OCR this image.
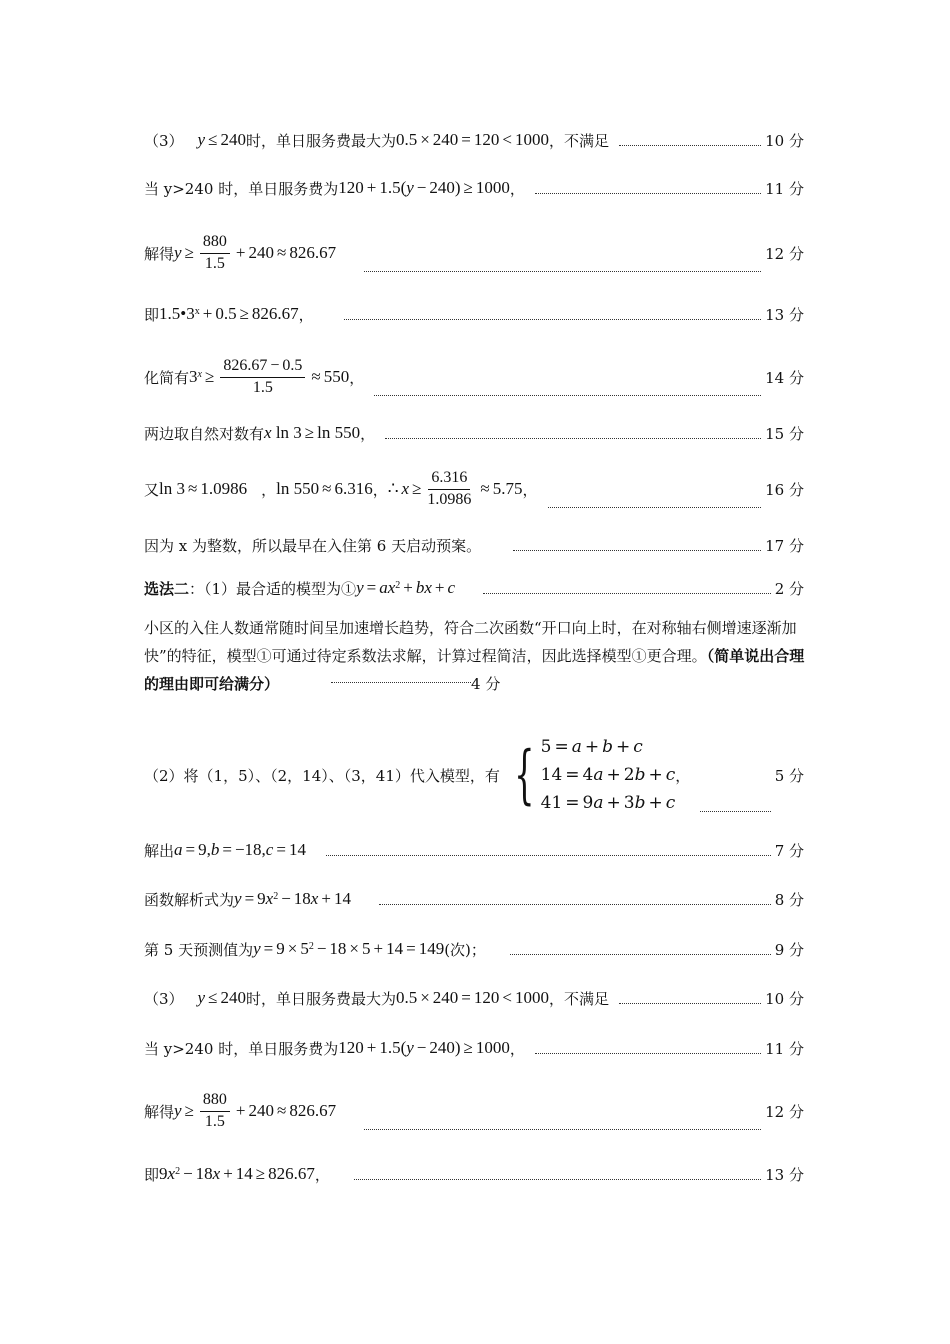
（3） y ≤ 240 时，单日服务费最大为 0.5 × 240 = 120 < 1000 ，不满足	10 分
当 y>240 时，单日服务费为 120 + 1.5( y − 240) ≥ 1000 ，	11 分
解得 $y \ge \frac{880}{1.5} + 240 \approx 826.67$	12 分
即 $1.5•3^x + 0.5 \ge 826.67$ ，	13 分
化简有 $3^x \ge \frac{826.67 - 0.5}{1.5} \approx 550$ ，	14 分
两边取自然对数有 x ln 3 ≥ ln 550 ，	15 分
又 ln 3 ≈ 1.0986 ， ln 550 ≈ 6.316 ， ∴ $x \ge \frac{6.316}{1.0986} \approx 5.75$ ，	16 分
因为 x 为整数，所以最早在入住第 6 天启动预案。	17 分
选法二 ：（1）最合适的模型为① $y = ax^2$ + bx + c	2 分
小区的入住人数通常随时间呈加速增长趋势，符合二次函数“开口向上时，在对称轴右侧增速逐渐加快”的特征，模型①可通过待定系数法求解，计算过程简洁，因此选择模型①更合理。（简单说出合理的理由即可给满分）	4 分
（2）将（1，5）、（2，14）、（3，41）代入模型，有 { 5 = a + b + c
14 = 4a + 2b + c
41 = 9a + 3b + c
，	5 分
解出 a = 9, b = −18, c = 14	7 分
函数解析式为 y = 9 $x^2 - 18$ x + 14	8 分
第 5 天预测值为 $y = 9 \times 5^2 - 18 \times 5 + 14 = 149$ (次)；	9 分
（3） y ≤ 240 时，单日服务费最大为 0.5 × 240 = 120 < 1000 ，不满足	10 分
当 y>240 时，单日服务费为 120 + 1.5( y − 240) ≥ 1000 ，	11 分
解得 $y \ge \frac{880}{1.5} + 240 \approx 826.67$	12 分
即 9 $x^2 - 18$ x + 14 ≥ 826.67 ，	13 分
